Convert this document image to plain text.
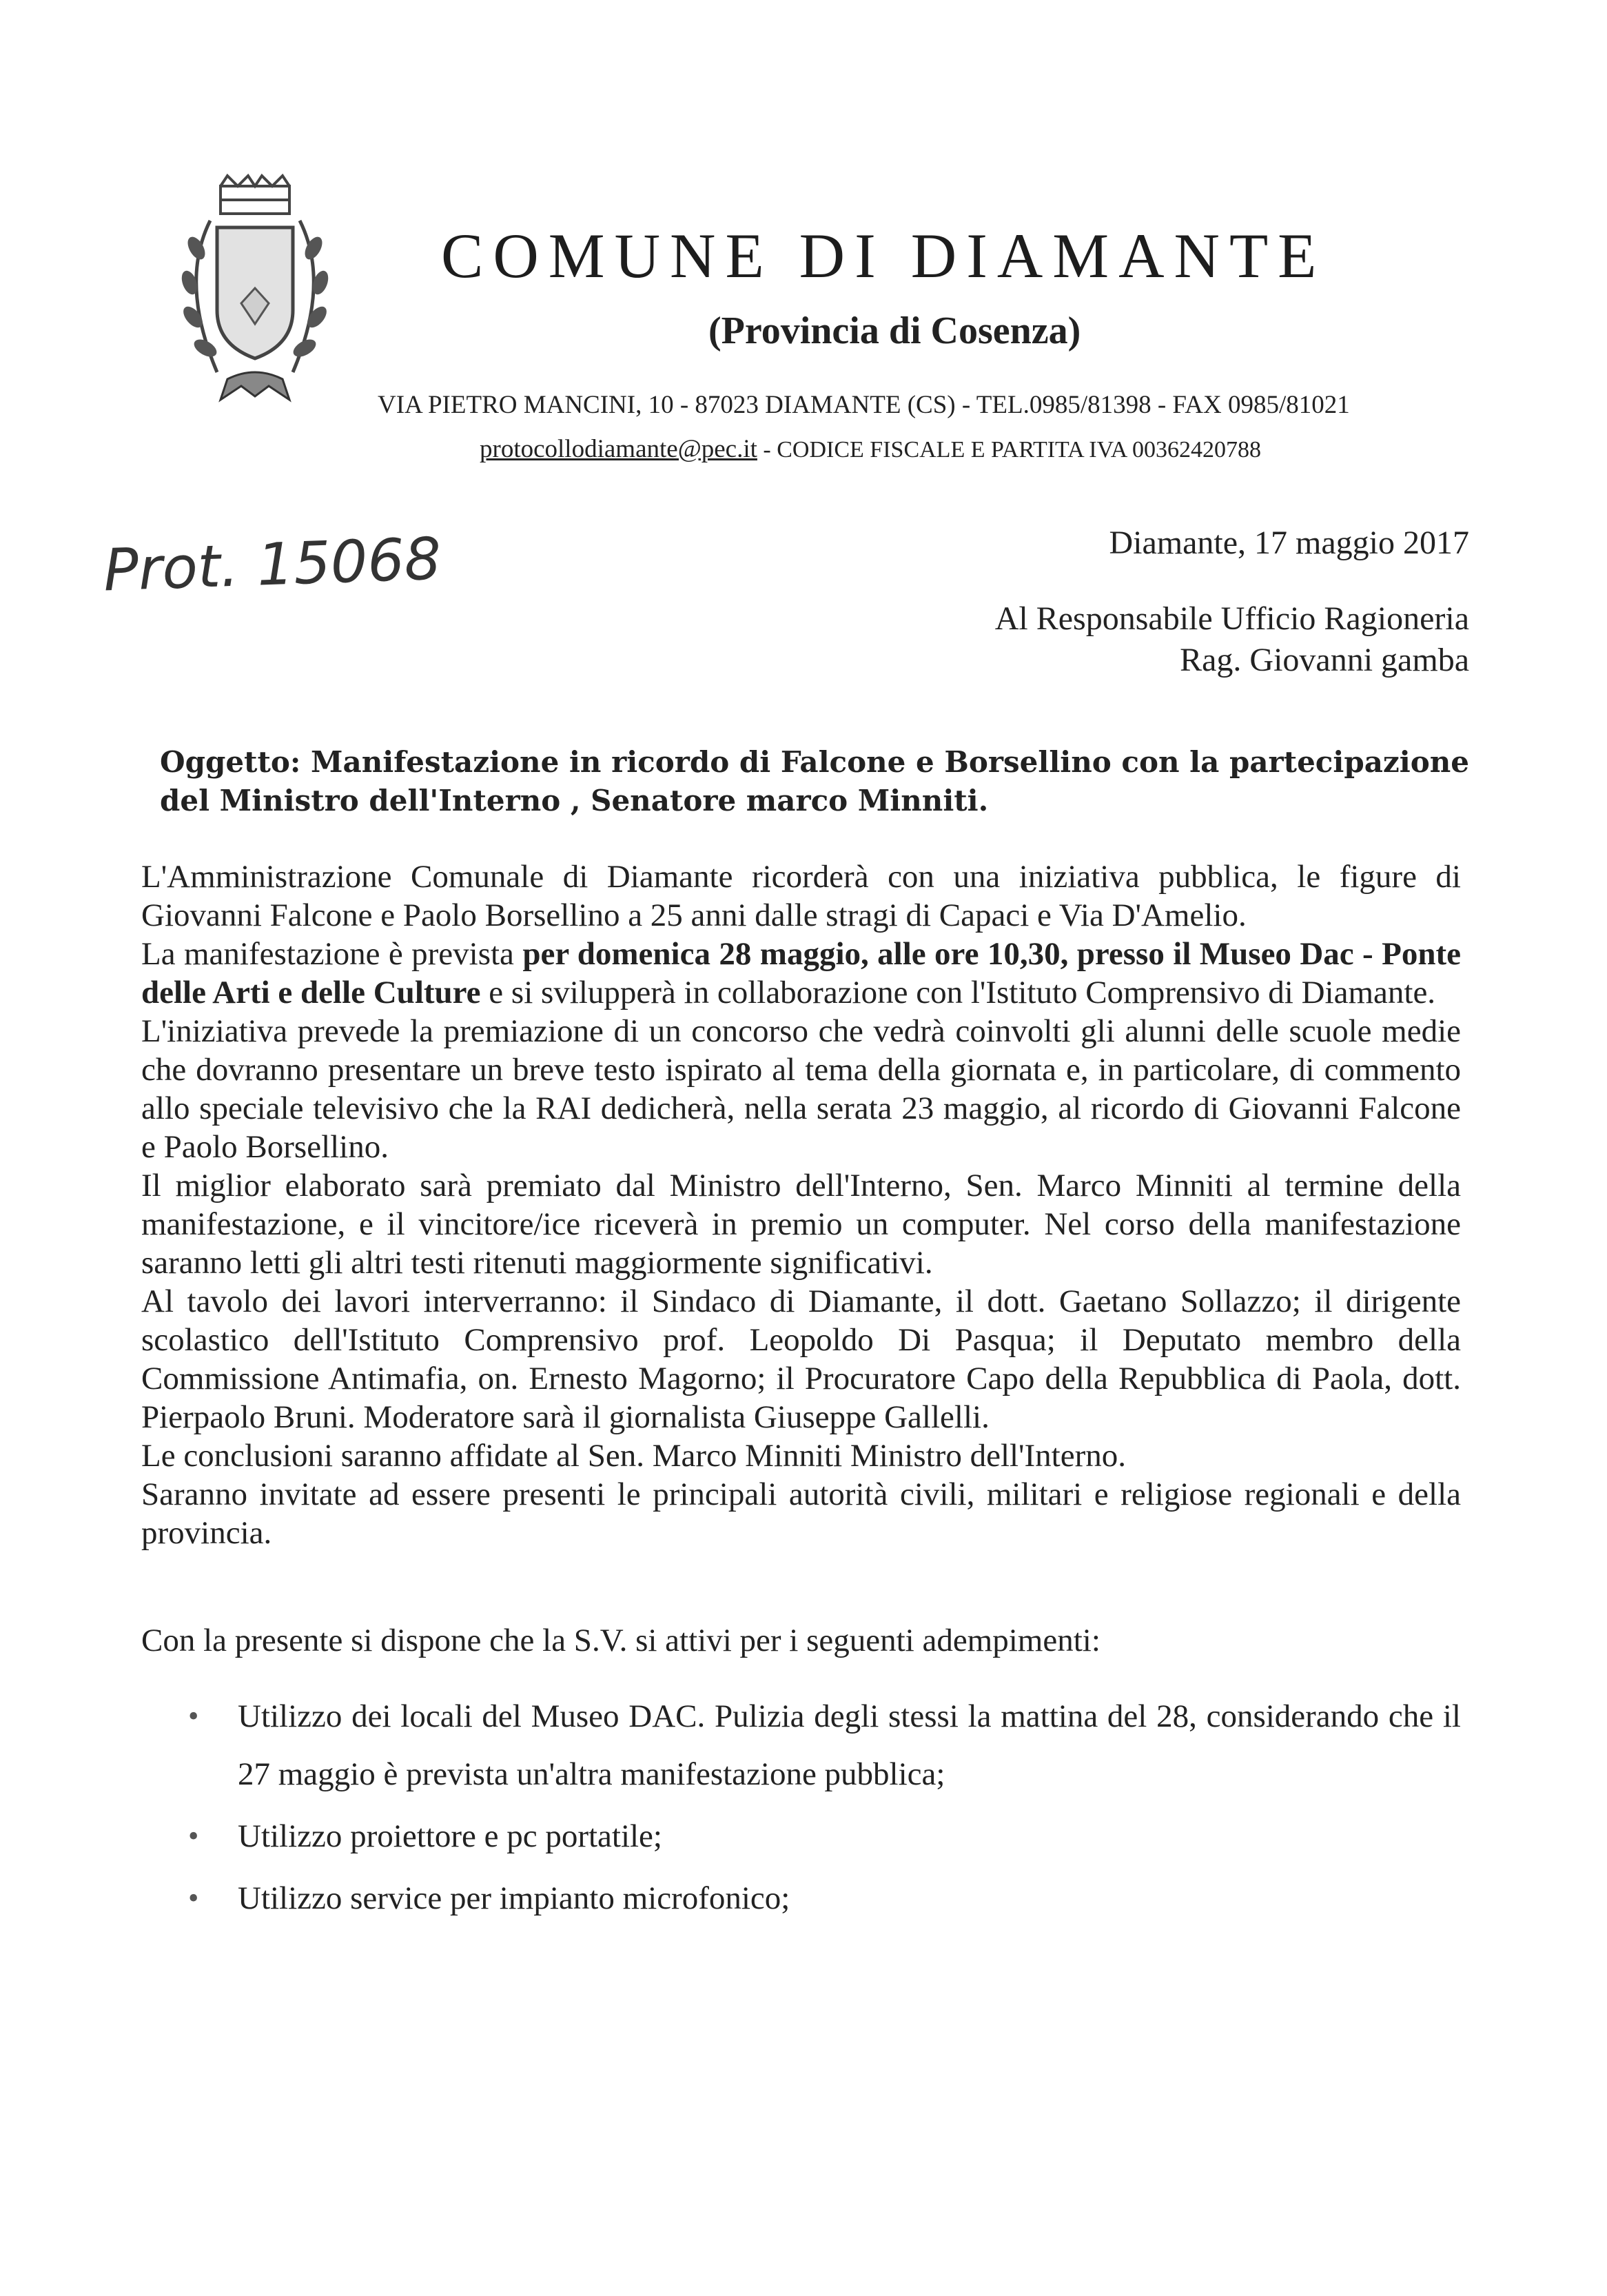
COMUNE DI DIAMANTE
(Provincia di Cosenza)
VIA PIETRO MANCINI, 10 - 87023 DIAMANTE (CS) - TEL.0985/81398 - FAX 0985/81021
protocollodiamante@pec.it - CODICE FISCALE E PARTITA IVA 00362420788
Prot. 15068	Diamante, 17 maggio 2017
Al Responsabile Ufficio Ragioneria
Rag. Giovanni gamba
Oggetto: Manifestazione in ricordo di Falcone e Borsellino con la partecipazione del Ministro dell'Interno , Senatore marco Minniti.

L'Amministrazione Comunale di Diamante ricorderà con una iniziativa pubblica, le figure di Giovanni Falcone e Paolo Borsellino a 25 anni dalle stragi di Capaci e Via D'Amelio.

La manifestazione è prevista per domenica 28 maggio, alle ore 10,30, presso il Museo Dac - Ponte delle Arti e delle Culture e si svilupperà in collaborazione con l'Istituto Comprensivo di Diamante.

L'iniziativa prevede la premiazione di un concorso che vedrà coinvolti gli alunni delle scuole medie che dovranno presentare un breve testo ispirato al tema della giornata e, in particolare, di commento allo speciale televisivo che la RAI dedicherà, nella serata 23 maggio, al ricordo di Giovanni Falcone e Paolo Borsellino.

Il miglior elaborato sarà premiato dal Ministro dell'Interno, Sen. Marco Minniti al termine della manifestazione, e il vincitore/ice riceverà in premio un computer. Nel corso della manifestazione saranno letti gli altri testi ritenuti maggiormente significativi.

Al tavolo dei lavori interverranno: il Sindaco di Diamante, il dott. Gaetano Sollazzo; il dirigente scolastico dell'Istituto Comprensivo prof. Leopoldo Di Pasqua; il Deputato membro della Commissione Antimafia, on. Ernesto Magorno; il Procuratore Capo della Repubblica di Paola, dott. Pierpaolo Bruni. Moderatore sarà il giornalista Giuseppe Gallelli.

Le conclusioni saranno affidate al Sen. Marco Minniti Ministro dell'Interno.

Saranno invitate ad essere presenti le principali autorità civili, militari e religiose regionali e della provincia.

Con la presente si dispone che la S.V. si attivi per i seguenti adempimenti:

• Utilizzo dei locali del Museo DAC. Pulizia degli stessi la mattina del 28, considerando che il 27 maggio è prevista un'altra manifestazione pubblica;
• Utilizzo proiettore e pc portatile;
• Utilizzo service per impianto microfonico;
